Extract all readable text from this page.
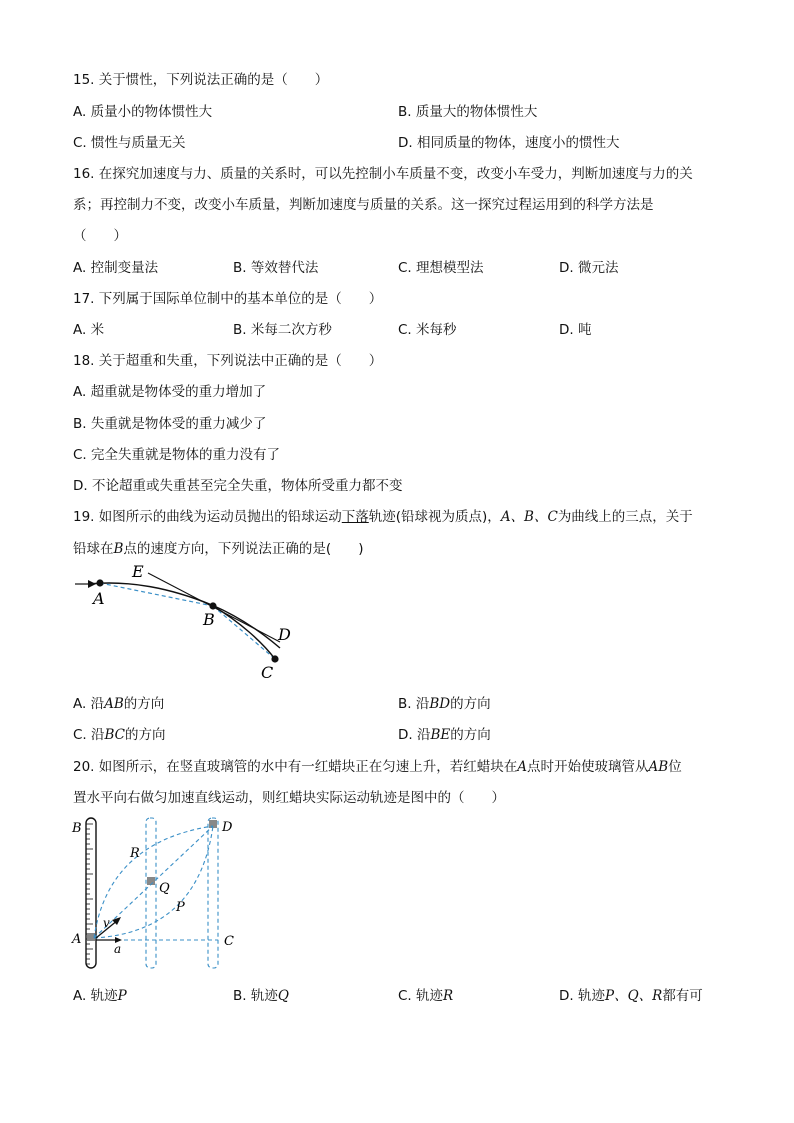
15. 关于惯性，下列说法正确的是（　　）
A. 质量小的物体惯性大	B. 质量大的物体惯性大
C. 惯性与质量无关	D. 相同质量的物体，速度小的惯性大
16. 在探究加速度与力、质量的关系时，可以先控制小车质量不变，改变小车受力，判断加速度与力的关
系；再控制力不变，改变小车质量，判断加速度与质量的关系。这一探究过程运用到的科学方法是
（　　）
A. 控制变量法	B. 等效替代法	C. 理想模型法	D. 微元法
17. 下列属于国际单位制中的基本单位的是（　　）
A. 米	B. 米每二次方秒	C. 米每秒	D. 吨
18. 关于超重和失重，下列说法中正确的是（　　）
A. 超重就是物体受的重力增加了
B. 失重就是物体受的重力减少了
C. 完全失重就是物体的重力没有了
D. 不论超重或失重甚至完全失重，物体所受重力都不变
19. 如图所示的曲线为运动员抛出的铅球运动下落轨迹(铅球视为质点)，A、B、C为曲线上的三点，关于
铅球在B点的速度方向，下列说法正确的是(　　)
A
E
B
D
C
A. 沿AB的方向	B. 沿BD的方向
C. 沿BC的方向	D. 沿BE的方向
20. 如图所示，在竖直玻璃管的水中有一红蜡块正在匀速上升，若红蜡块在A点时开始使玻璃管从AB位
置水平向右做匀加速直线运动，则红蜡块实际运动轨迹是图中的（　　）
B
A
D
C
R
Q
P
v
a
A. 轨迹P	B. 轨迹Q	C. 轨迹R	D. 轨迹P、Q、R都有可
